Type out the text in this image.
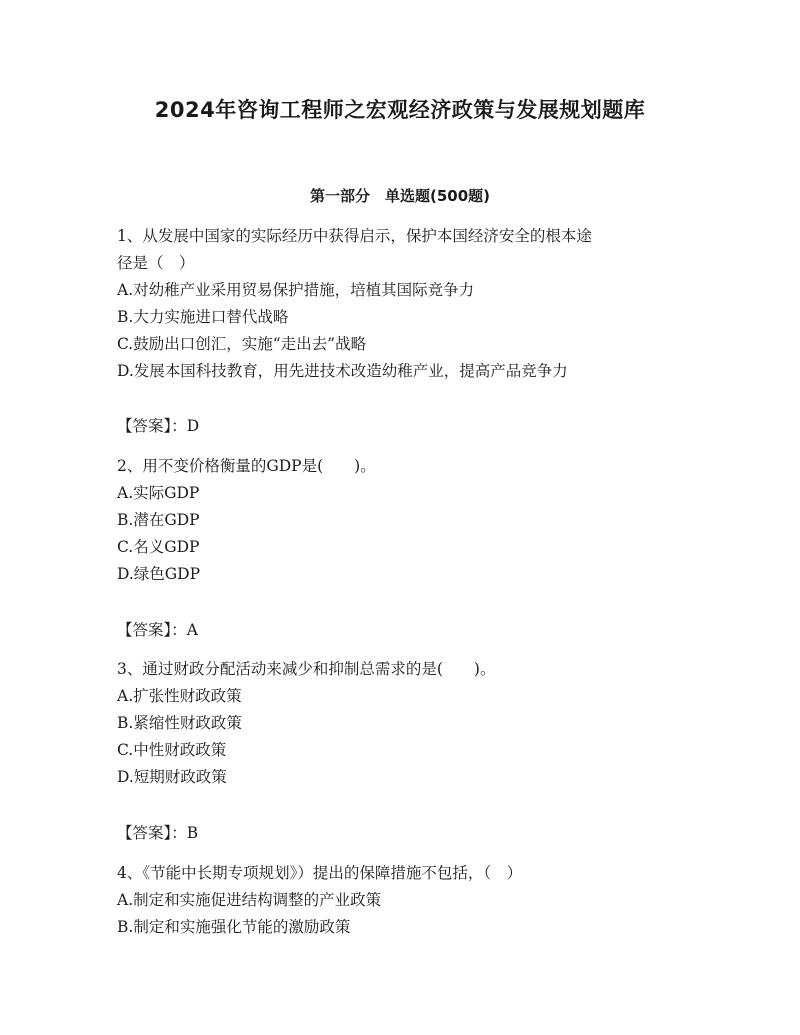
2024年咨询工程师之宏观经济政策与发展规划题库
第一部分　单选题(500题)
1、从发展中国家的实际经历中获得启示，保护本国经济安全的根本途
径是（　）
A.对幼稚产业采用贸易保护措施，培植其国际竞争力
B.大力实施进口替代战略
C.鼓励出口创汇，实施“走出去”战略
D.发展本国科技教育，用先进技术改造幼稚产业，提高产品竞争力
【答案】：D
2、用不变价格衡量的GDP是(　　)。
A.实际GDP
B.潜在GDP
C.名义GDP
D.绿色GDP
【答案】：A
3、通过财政分配活动来减少和抑制总需求的是(　　)。
A.扩张性财政政策
B.紧缩性财政政策
C.中性财政政策
D.短期财政政策
【答案】：B
4、《节能中长期专项规划》）提出的保障措施不包括，（　）
A.制定和实施促进结构调整的产业政策
B.制定和实施强化节能的激励政策
